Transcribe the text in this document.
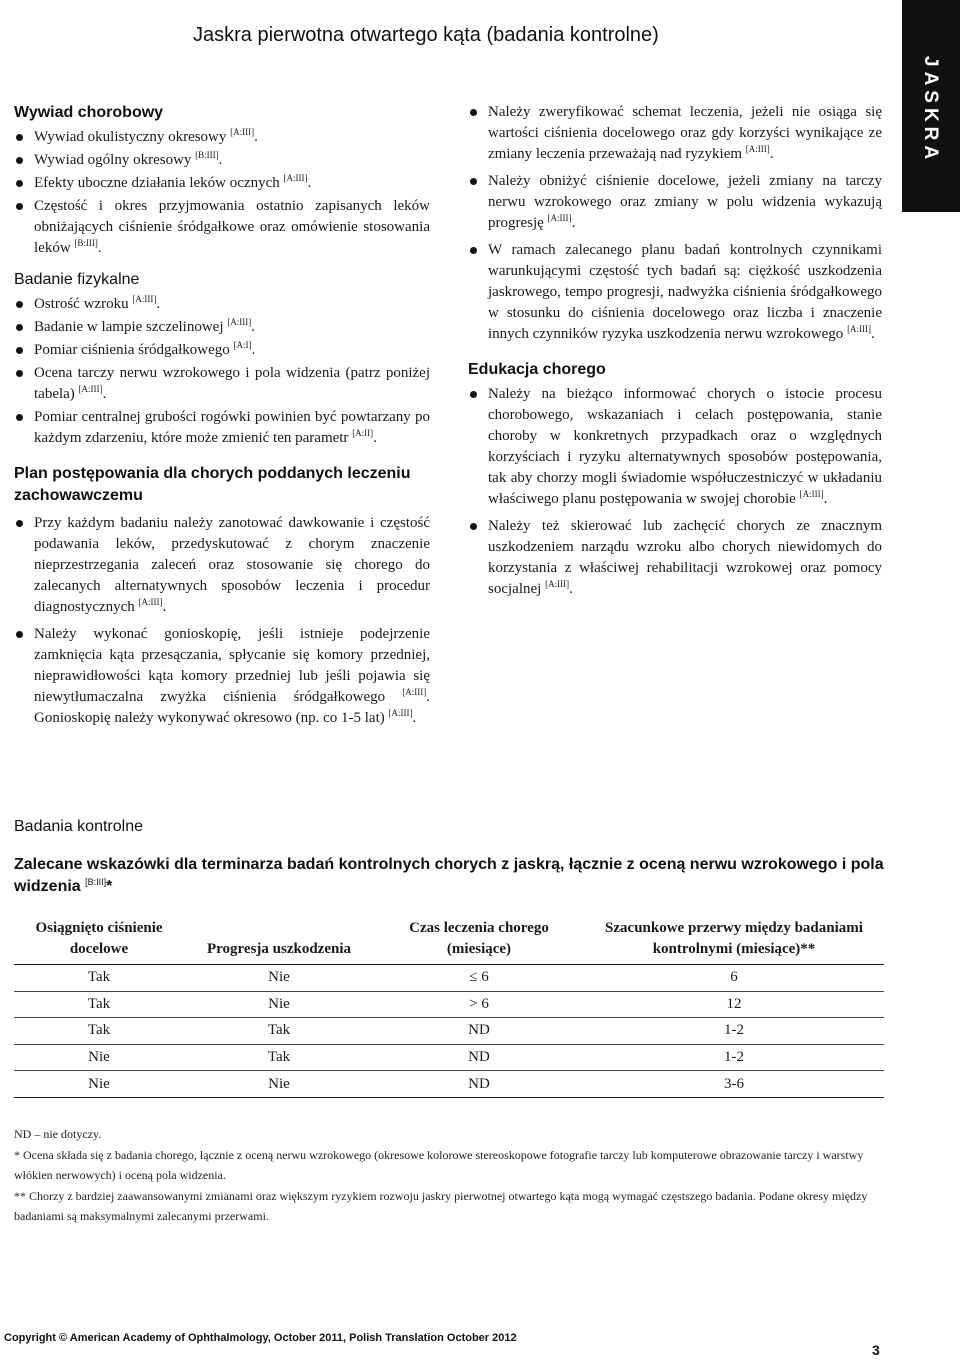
Jaskra pierwotna otwartego kąta (badania kontrolne)
JASKRA
Wywiad chorobowy
Wywiad okulistyczny okresowy [A:III].
Wywiad ogólny okresowy [B:III].
Efekty uboczne działania leków ocznych [A:III].
Częstość i okres przyjmowania ostatnio zapisanych leków obniżających ciśnienie śródgałkowe oraz omówienie stosowania leków [B:III].
Badanie fizykalne
Ostrość wzroku [A:III].
Badanie w lampie szczelinowej [A:III].
Pomiar ciśnienia śródgałkowego [A:I].
Ocena tarczy nerwu wzrokowego i pola widzenia (patrz poniżej tabela) [A:III].
Pomiar centralnej grubości rogówki powinien być powtarzany po każdym zdarzeniu, które może zmienić ten parametr [A:II].
Plan postępowania dla chorych poddanych leczeniu zachowawczemu
Przy każdym badaniu należy zanotować dawkowanie i częstość podawania leków, przedyskutować z chorym znaczenie nieprzestrzegania zaleceń oraz stosowanie się chorego do zalecanych alternatywnych sposobów leczenia i procedur diagnostycznych [A:III].
Należy wykonać gonioskopię, jeśli istnieje podejrzenie zamknięcia kąta przesączania, spłycanie się komory przedniej, nieprawidłowości kąta komory przedniej lub jeśli pojawia się niewytłumaczalna zwyżka ciśnienia śródgałkowego [A:III]. Gonioskopię należy wykonywać okresowo (np. co 1-5 lat) [A:III].
Należy zweryfikować schemat leczenia, jeżeli nie osiąga się wartości ciśnienia docelowego oraz gdy korzyści wynikające ze zmiany leczenia przeważają nad ryzykiem [A:III].
Należy obniżyć ciśnienie docelowe, jeżeli zmiany na tarczy nerwu wzrokowego oraz zmiany w polu widzenia wykazują progresję [A:III].
W ramach zalecanego planu badań kontrolnych czynnikami warunkującymi częstość tych badań są: ciężkość uszkodzenia jaskrowego, tempo progresji, nadwyżka ciśnienia śródgałkowego w stosunku do ciśnienia docelowego oraz liczba i znaczenie innych czynników ryzyka uszkodzenia nerwu wzrokowego [A:III].
Edukacja chorego
Należy na bieżąco informować chorych o istocie procesu chorobowego, wskazaniach i celach postępowania, stanie choroby w konkretnych przypadkach oraz o względnych korzyściach i ryzyku alternatywnych sposobów postępowania, tak aby chorzy mogli świadomie współuczestniczyć w układaniu właściwego planu postępowania w swojej chorobie [A:III].
Należy też skierować lub zachęcić chorych ze znacznym uszkodzeniem narządu wzroku albo chorych niewidomych do korzystania z właściwej rehabilitacji wzrokowej oraz pomocy socjalnej [A:III].
Badania kontrolne
Zalecane wskazówki dla terminarza badań kontrolnych chorych z jaskrą, łącznie z oceną nerwu wzrokowego i pola widzenia [B:III]*
Osiągnięto ciśnienie docelowe	Progresja uszkodzenia	Czas leczenia chorego (miesiące)	Szacunkowe przerwy między badaniami kontrolnymi (miesiące)**
Tak	Nie	≤ 6	6
Tak	Nie	> 6	12
Tak	Tak	ND	1-2
Nie	Tak	ND	1-2
Nie	Nie	ND	3-6

ND – nie dotyczy.

* Ocena składa się z badania chorego, łącznie z oceną nerwu wzrokowego (okresowe kolorowe stereoskopowe fotografie tarczy lub komputerowe obrazowanie tarczy i warstwy włókien nerwowych) i oceną pola widzenia.

** Chorzy z bardziej zaawansowanymi zmianami oraz większym ryzykiem rozwoju jaskry pierwotnej otwartego kąta mogą wymagać częstszego badania. Podane okresy między badaniami są maksymalnymi zalecanymi przerwami.

Copyright © American Academy of Ophthalmology, October 2011, Polish Translation October 2012
3
